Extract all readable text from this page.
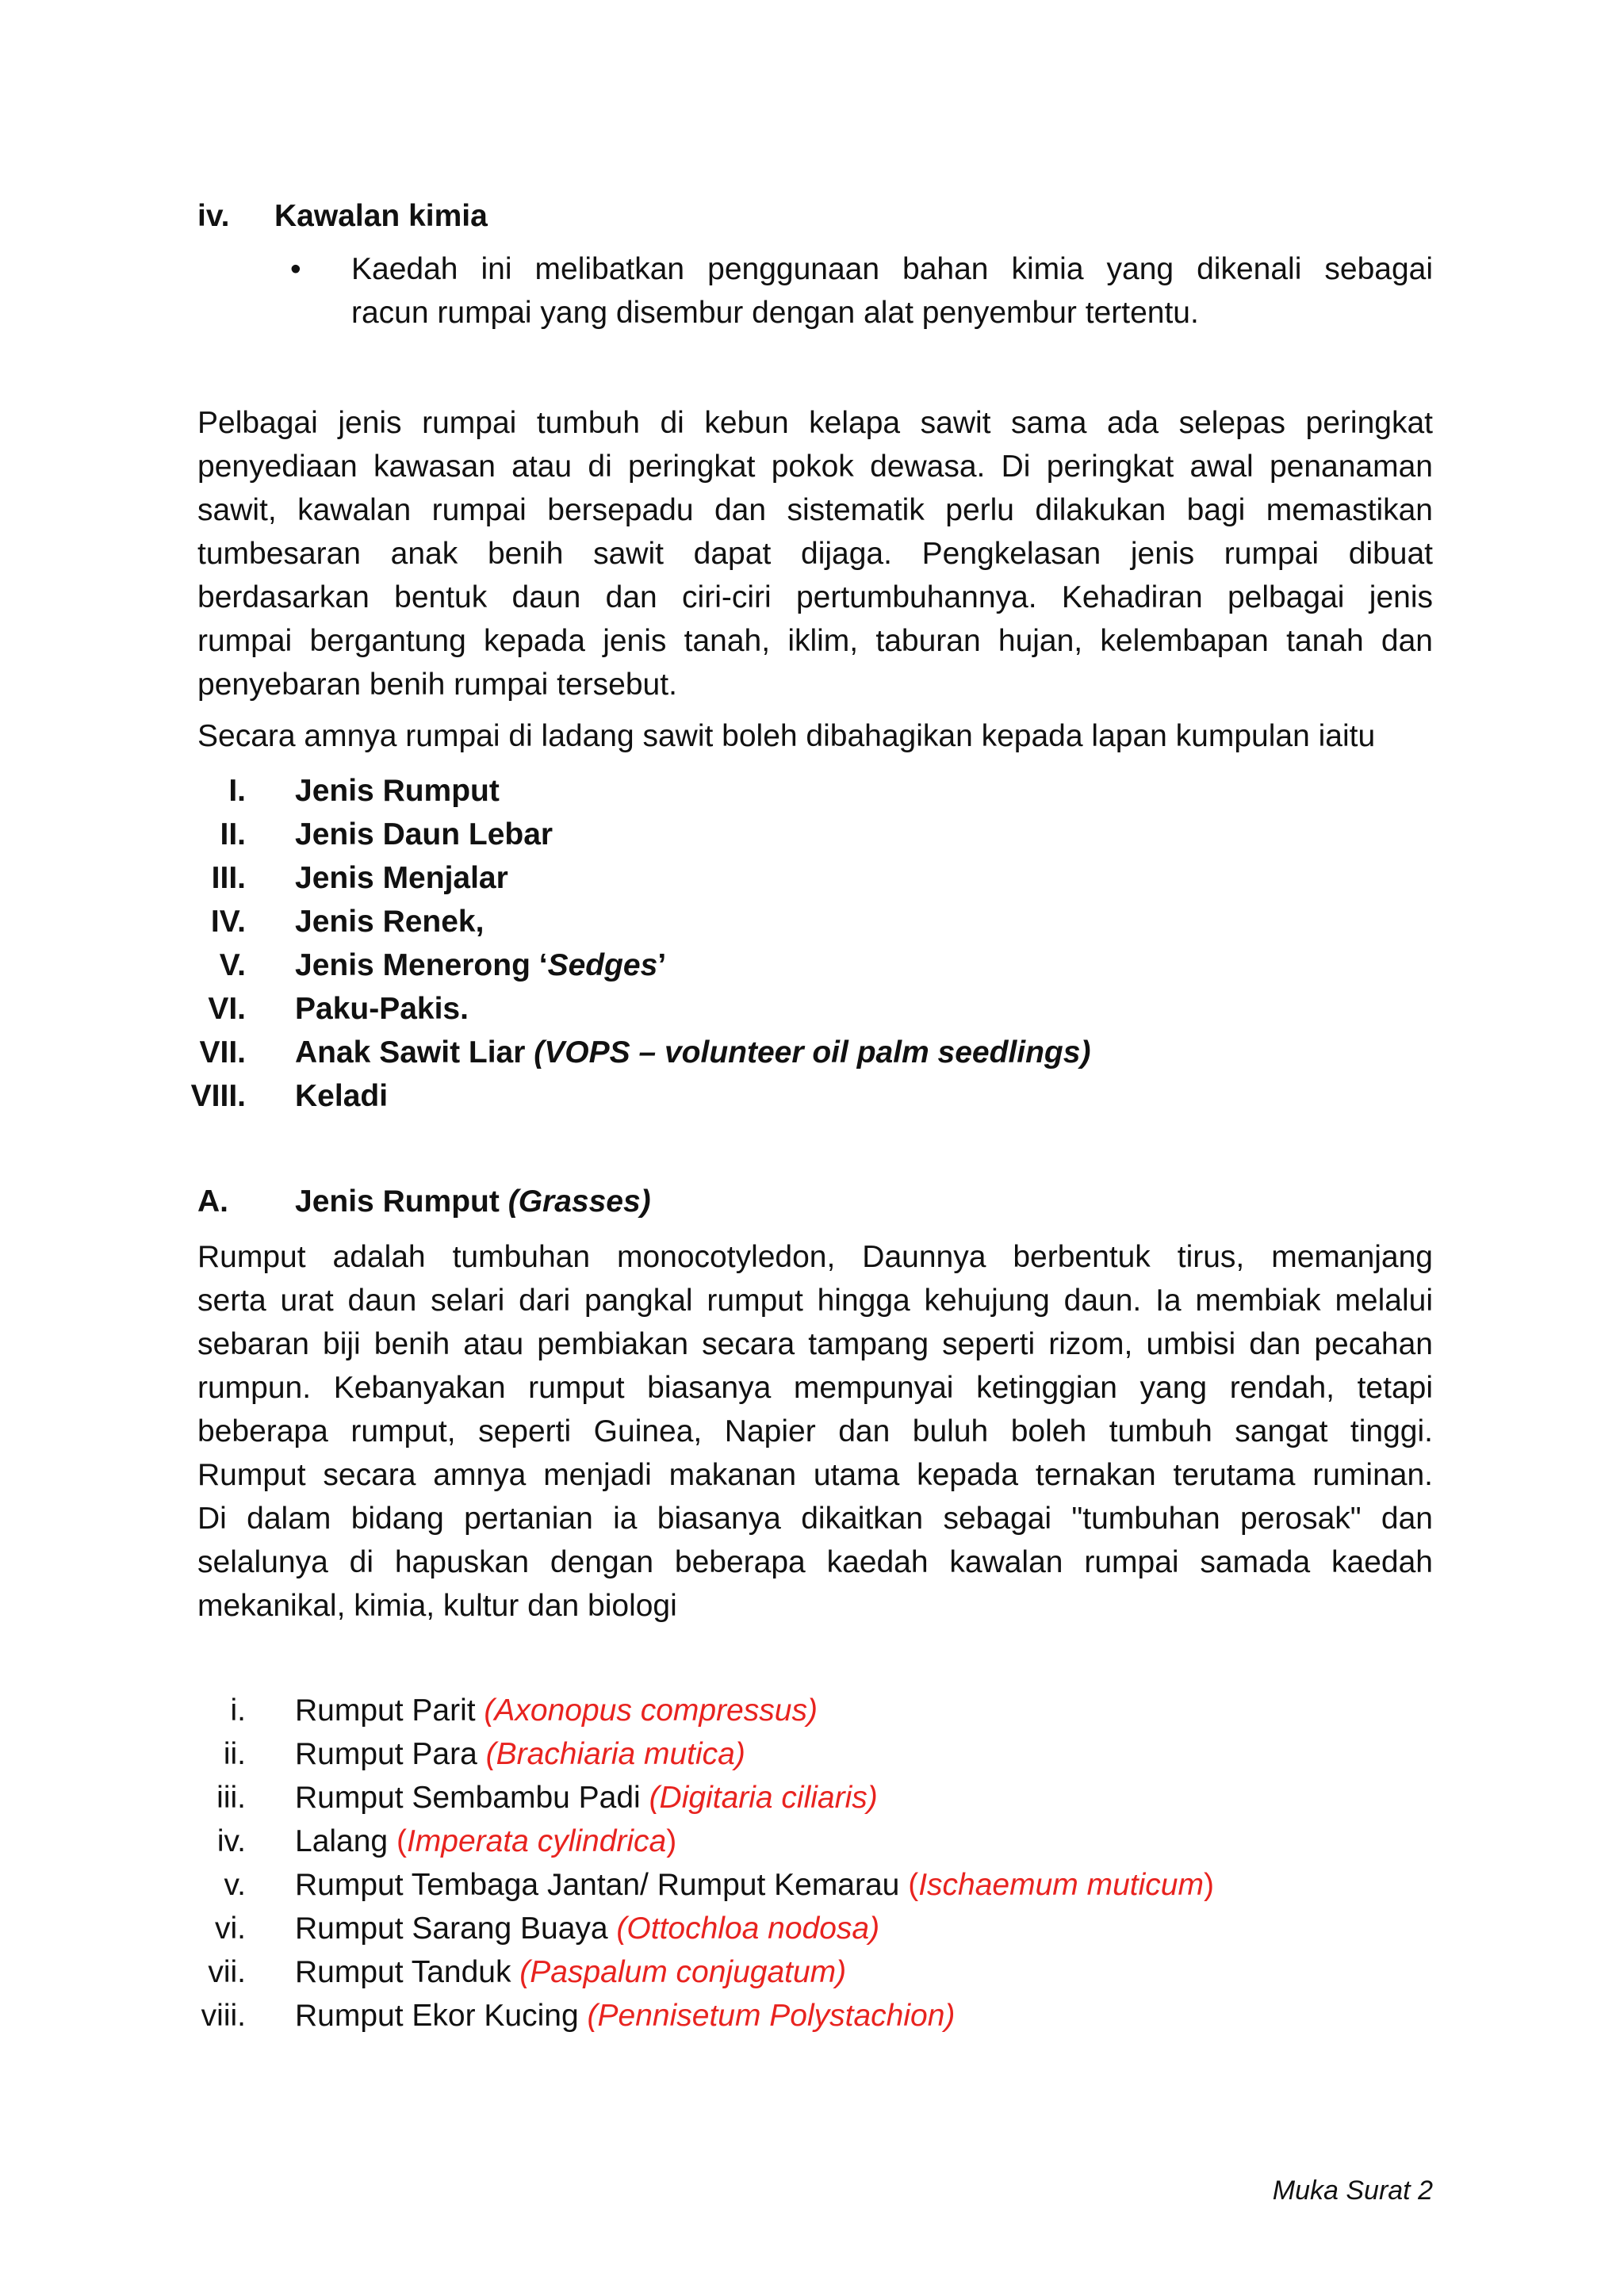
iv. Kawalan kimia
• Kaedah ini melibatkan penggunaan bahan kimia yang dikenali sebagai
racun rumpai yang disembur dengan alat penyembur tertentu.
Pelbagai jenis rumpai tumbuh di kebun kelapa sawit sama ada selepas peringkat
penyediaan kawasan atau di peringkat pokok dewasa. Di peringkat awal penanaman
sawit, kawalan rumpai bersepadu dan sistematik perlu dilakukan bagi memastikan
tumbesaran anak benih sawit dapat dijaga. Pengkelasan jenis rumpai dibuat
berdasarkan bentuk daun dan ciri-ciri pertumbuhannya. Kehadiran pelbagai jenis
rumpai bergantung kepada jenis tanah, iklim, taburan hujan, kelembapan tanah dan
penyebaran benih rumpai tersebut.
Secara amnya rumpai di ladang sawit boleh dibahagikan kepada lapan kumpulan iaitu
I. Jenis Rumput
II. Jenis Daun Lebar
III. Jenis Menjalar
IV. Jenis Renek,
V. Jenis Menerong ‘Sedges’
VI. Paku-Pakis.
VII. Anak Sawit Liar (VOPS – volunteer oil palm seedlings)
VIII. Keladi
A. Jenis Rumput (Grasses)
Rumput adalah tumbuhan monocotyledon, Daunnya berbentuk tirus, memanjang
serta urat daun selari dari pangkal rumput hingga kehujung daun. Ia membiak melalui
sebaran biji benih atau pembiakan secara tampang seperti rizom, umbisi dan pecahan
rumpun. Kebanyakan rumput biasanya mempunyai ketinggian yang rendah, tetapi
beberapa rumput, seperti Guinea, Napier dan buluh boleh tumbuh sangat tinggi.
Rumput secara amnya menjadi makanan utama kepada ternakan terutama ruminan.
Di dalam bidang pertanian ia biasanya dikaitkan sebagai "tumbuhan perosak" dan
selalunya di hapuskan dengan beberapa kaedah kawalan rumpai samada kaedah
mekanikal, kimia, kultur dan biologi
i. Rumput Parit (Axonopus compressus)
ii. Rumput Para (Brachiaria mutica)
iii. Rumput Sembambu Padi (Digitaria ciliaris)
iv. Lalang (Imperata cylindrica)
v. Rumput Tembaga Jantan/ Rumput Kemarau (Ischaemum muticum)
vi. Rumput Sarang Buaya (Ottochloa nodosa)
vii. Rumput Tanduk (Paspalum conjugatum)
viii. Rumput Ekor Kucing (Pennisetum Polystachion)
Muka Surat 2
